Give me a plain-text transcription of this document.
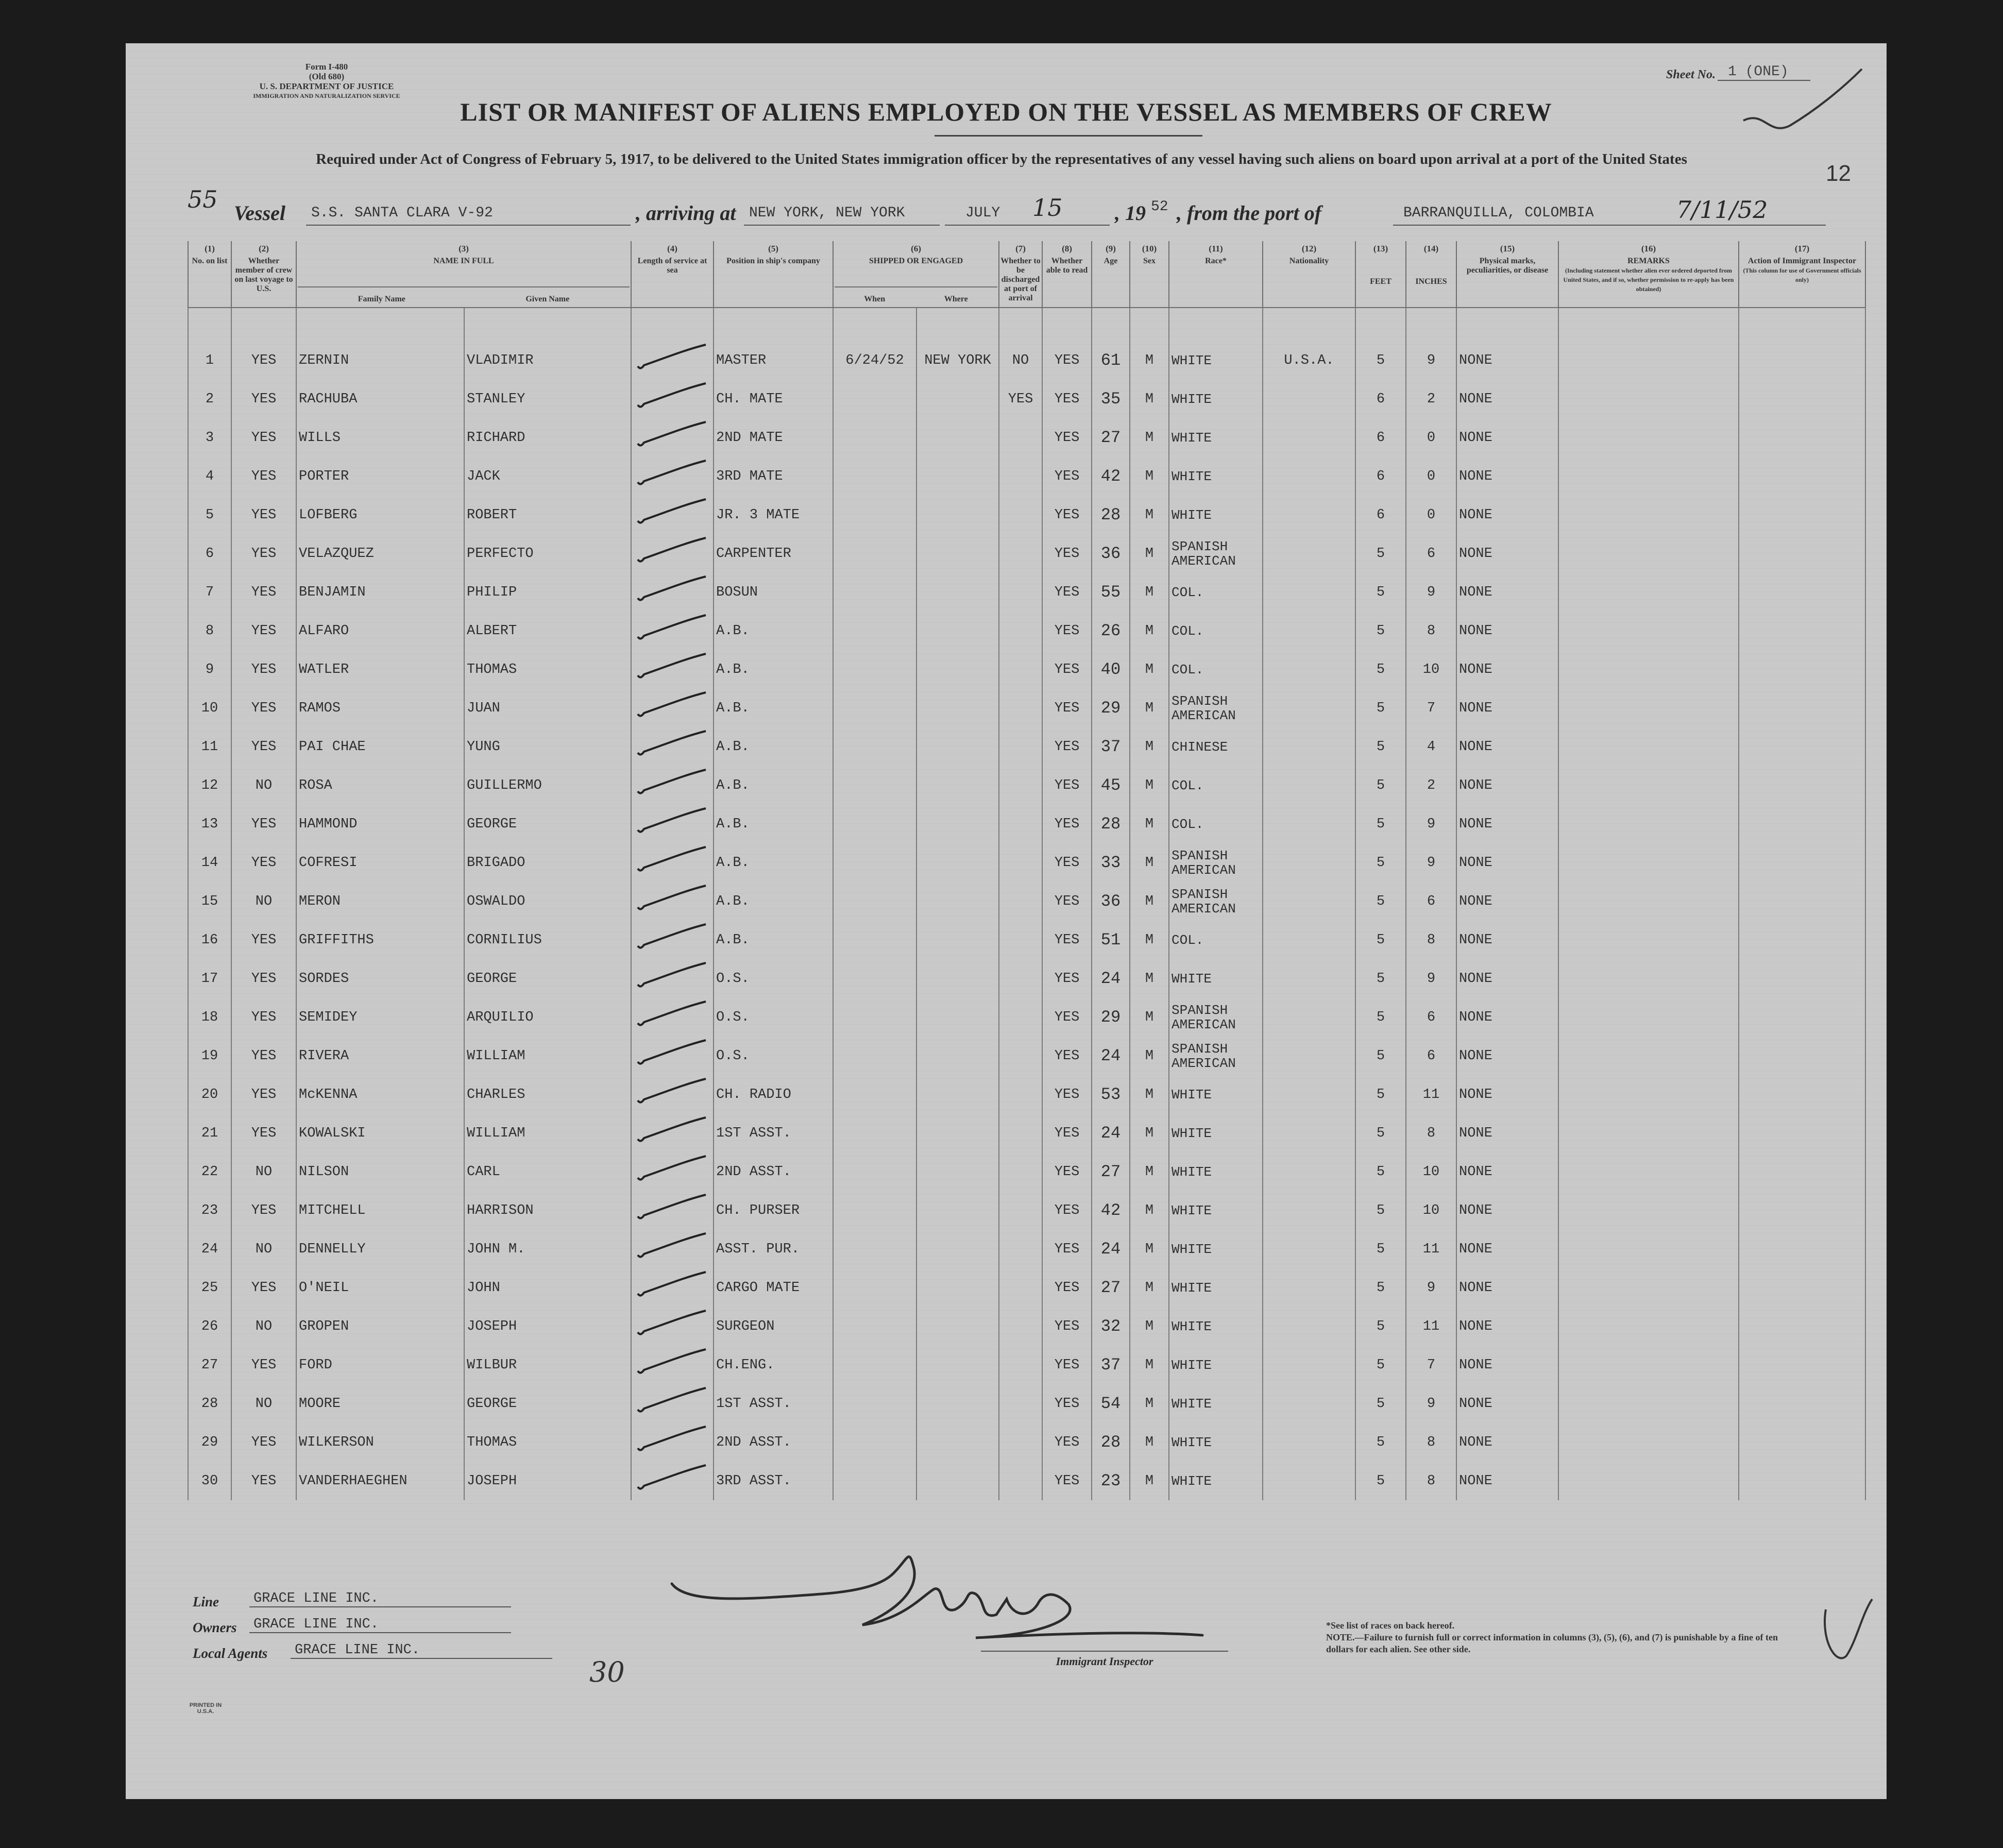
Form I-480
(Old 680)
U. S. DEPARTMENT OF JUSTICE
IMMIGRATION AND NATURALIZATION SERVICE
Sheet No. 1 (ONE)
LIST OR MANIFEST OF ALIENS EMPLOYED ON THE VESSEL AS MEMBERS OF CREW
Required under Act of Congress of February 5, 1917, to be delivered to the United States immigration officer by the representatives of any vessel having such aliens on board upon arrival at a port of the United States
12
55 Vessel S.S. SANTA CLARA V-92	, arriving at NEW YORK, NEW YORK	JULY 15	, 19 52 , from the port of	BARRANQUILLA, COLOMBIA	7/11/52
(1)
No. on list	(2)
Whether member of crew on last voyage to U.S.	(3)
NAME IN FULL
Family Name Given Name		(4)
Length of service at sea	(5)
Position in ship's company	(6)
SHIPPED OR ENGAGED
When Where		(7)
Whether to be discharged at port of arrival	(8)
Whether able to read	(9)
Age	(10)
Sex	(11)
Race*	(12)
Nationality	(13)
FEET	(14)
INCHES	(15)
Physical marks, peculiarities, or disease	(16)
REMARKS
(Including statement whether alien ever ordered deported from United States, and if so, whether permission to re-apply has been obtained)	(17)
Action of Immigrant Inspector
(This column for use of Government officials only)

1	YES	ZERNIN	VLADIMIR		MASTER	6/24/52	NEW YORK	NO	YES	61	M	WHITE	U.S.A.	5	9	NONE		
2	YES	RACHUBA	STANLEY		CH. MATE			YES	YES	35	M	WHITE		6	2	NONE		
3	YES	WILLS	RICHARD		2ND MATE				YES	27	M	WHITE		6	0	NONE		
4	YES	PORTER	JACK		3RD MATE				YES	42	M	WHITE		6	0	NONE		
5	YES	LOFBERG	ROBERT		JR. 3 MATE				YES	28	M	WHITE		6	0	NONE		
6	YES	VELAZQUEZ	PERFECTO		CARPENTER				YES	36	M	SPANISH AMERICAN		5	6	NONE		
7	YES	BENJAMIN	PHILIP		BOSUN				YES	55	M	COL.		5	9	NONE		
8	YES	ALFARO	ALBERT		A.B.				YES	26	M	COL.		5	8	NONE		
9	YES	WATLER	THOMAS		A.B.				YES	40	M	COL.		5	10	NONE		
10	YES	RAMOS	JUAN		A.B.				YES	29	M	SPANISH AMERICAN		5	7	NONE		
11	YES	PAI CHAE	YUNG		A.B.				YES	37	M	CHINESE		5	4	NONE		
12	NO	ROSA	GUILLERMO		A.B.				YES	45	M	COL.		5	2	NONE		
13	YES	HAMMOND	GEORGE		A.B.				YES	28	M	COL.		5	9	NONE		
14	YES	COFRESI	BRIGADO		A.B.				YES	33	M	SPANISH AMERICAN		5	9	NONE		
15	NO	MERON	OSWALDO		A.B.				YES	36	M	SPANISH AMERICAN		5	6	NONE		
16	YES	GRIFFITHS	CORNILIUS		A.B.				YES	51	M	COL.		5	8	NONE		
17	YES	SORDES	GEORGE		O.S.				YES	24	M	WHITE		5	9	NONE		
18	YES	SEMIDEY	ARQUILIO		O.S.				YES	29	M	SPANISH AMERICAN		5	6	NONE		
19	YES	RIVERA	WILLIAM		O.S.				YES	24	M	SPANISH AMERICAN		5	6	NONE		
20	YES	McKENNA	CHARLES		CH. RADIO				YES	53	M	WHITE		5	11	NONE		
21	YES	KOWALSKI	WILLIAM		1ST ASST.				YES	24	M	WHITE		5	8	NONE		
22	NO	NILSON	CARL		2ND ASST.				YES	27	M	WHITE		5	10	NONE		
23	YES	MITCHELL	HARRISON		CH. PURSER				YES	42	M	WHITE		5	10	NONE		
24	NO	DENNELLY	JOHN M.		ASST. PUR.				YES	24	M	WHITE		5	11	NONE		
25	YES	O'NEIL	JOHN		CARGO MATE				YES	27	M	WHITE		5	9	NONE		
26	NO	GROPEN	JOSEPH		SURGEON				YES	32	M	WHITE		5	11	NONE		
27	YES	FORD	WILBUR		CH.ENG.				YES	37	M	WHITE		5	7	NONE		
28	NO	MOORE	GEORGE		1ST ASST.				YES	54	M	WHITE		5	9	NONE		
29	YES	WILKERSON	THOMAS		2ND ASST.				YES	28	M	WHITE		5	8	NONE		
30	YES	VANDERHAEGHEN	JOSEPH		3RD ASST.				YES	23	M	WHITE		5	8	NONE		
Line GRACE LINE INC.
Owners GRACE LINE INC.
Local Agents GRACE LINE INC.
Immigrant Inspector
*See list of races on back hereof.
NOTE.—Failure to furnish full or correct information in columns (3), (5), (6), and (7) is punishable by a fine of ten dollars for each alien. See other side.
30
PRINTED IN U.S.A.
